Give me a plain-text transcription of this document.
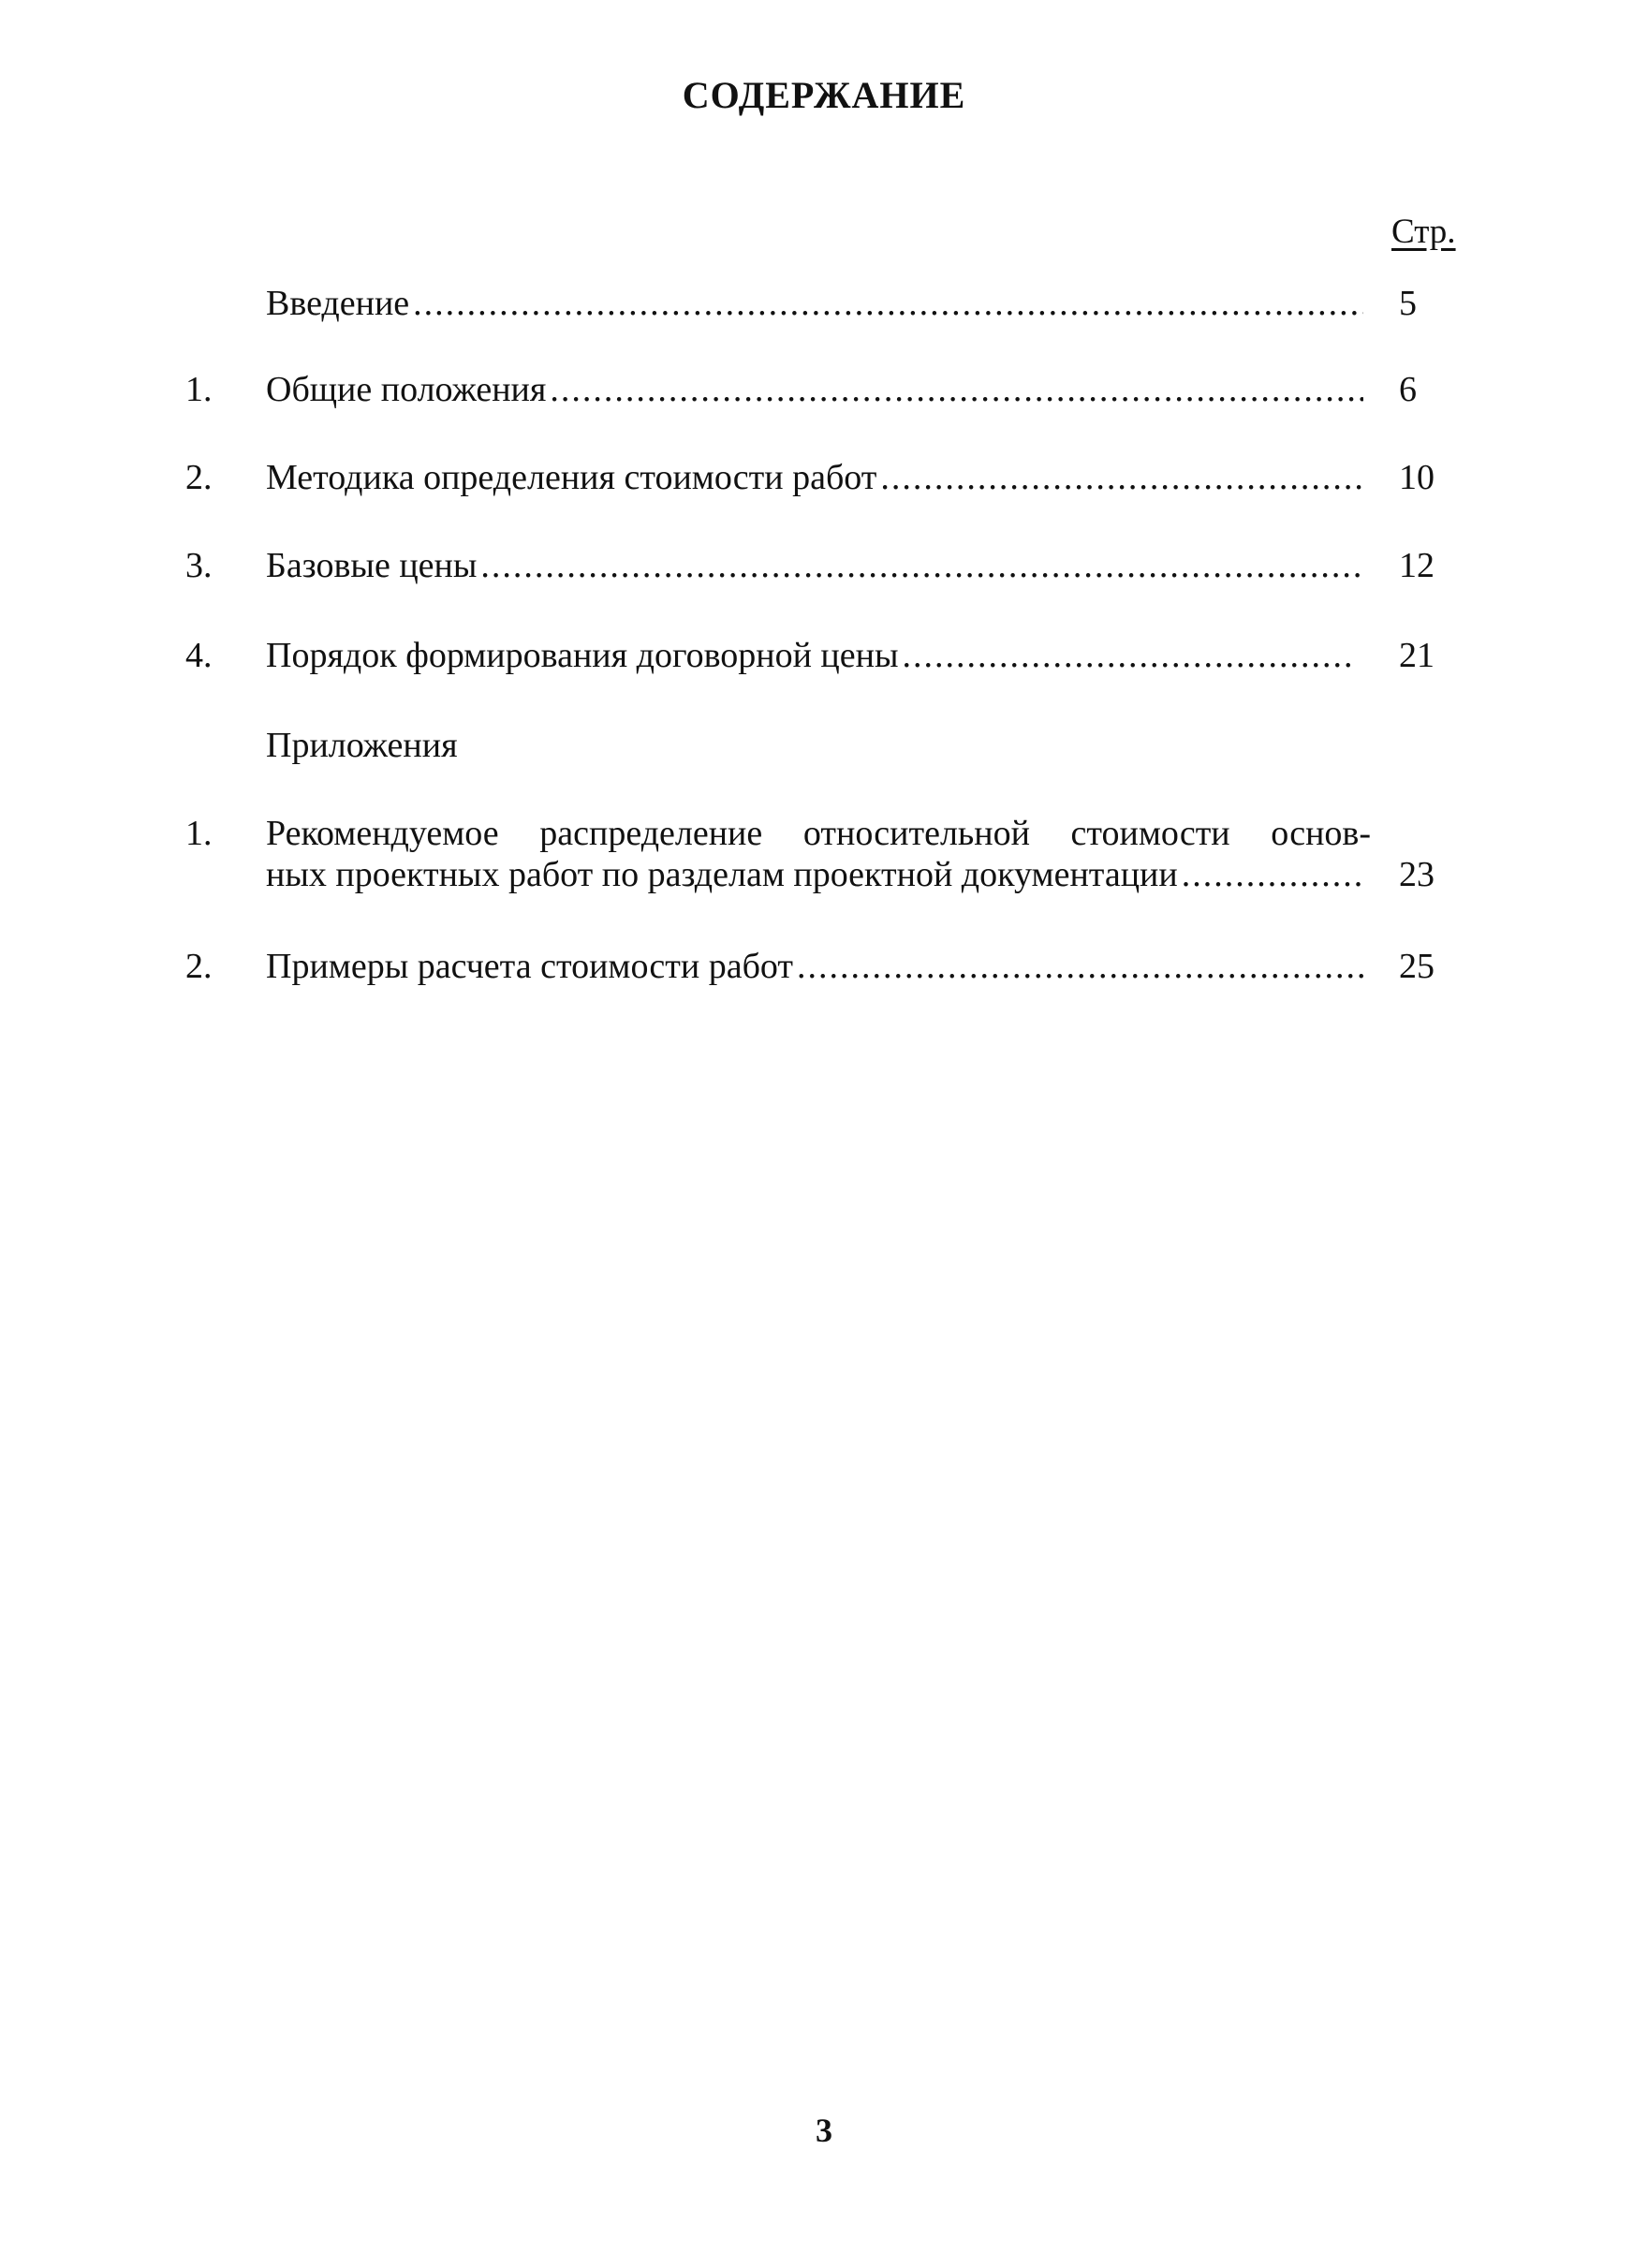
СОДЕРЖАНИЕ
Стр.
Введение .....	5
1. Общие положения .....	6
2. Методика определения стоимости работ .....	10
3. Базовые цены .....	12
4. Порядок формирования договорной цены .....	21
Приложения
1. Рекомендуемое распределение относительной стоимости основ-
ных проектных работ по разделам проектной документации .....	23
2. Примеры расчета стоимости работ .....	25
3
